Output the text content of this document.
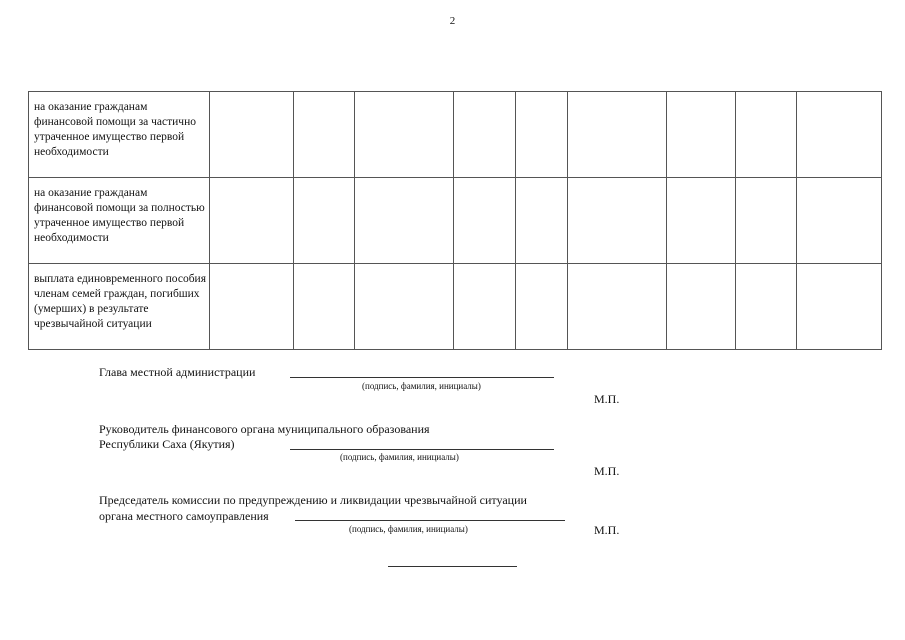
2
на оказание гражданам финансовой помощи за частично утраченное имущество первой необходимости									
на оказание гражданам финансовой помощи за полностью утраченное имущество первой необходимости									
выплата единовременного пособия членам семей граждан, погибших (умерших) в результате чрезвычайной ситуации									
Глава местной администрации
(подпись, фамилия, инициалы)
М.П.
Руководитель финансового органа муниципального образования
Республики Саха (Якутия)
(подпись, фамилия, инициалы)
М.П.
Председатель комиссии по предупреждению и ликвидации чрезвычайной ситуации
органа местного самоуправления
(подпись, фамилия, инициалы)	М.П.
